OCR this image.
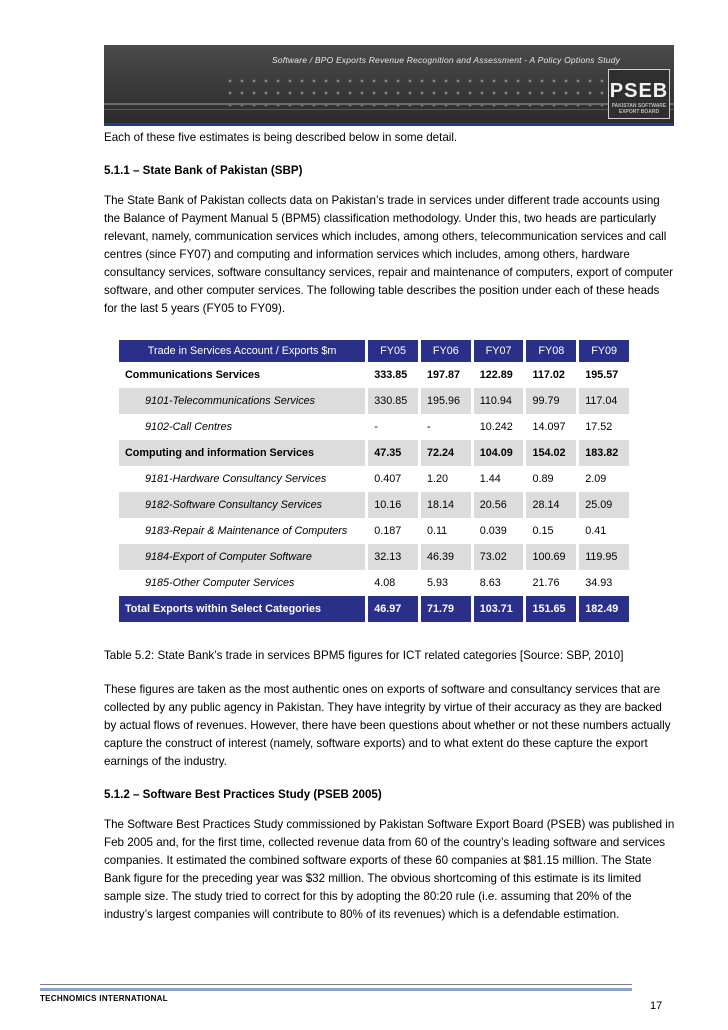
Software / BPO Exports Revenue Recognition and Assessment - A Policy Options Study
PSEB
PAKISTAN SOFTWARE EXPORT BOARD

Each of these five estimates is being described below in some detail.

5.1.1 – State Bank of Pakistan (SBP)

The State Bank of Pakistan collects data on Pakistan’s trade in services under different trade accounts using the Balance of Payment Manual 5 (BPM5) classification methodology. Under this, two heads are particularly relevant, namely, communication services which includes, among others, telecommunication services and call centres (since FY07) and computing and information services which includes, among others, hardware consultancy services, software consultancy services, repair and maintenance of computers, export of computer software, and other computer services. The following table describes the position under each of these heads for the last 5 years (FY05 to FY09).

Trade in Services Account / Exports $m	FY05	FY06	FY07	FY08	FY09
Communications Services	333.85	197.87	122.89	117.02	195.57
9101-Telecommunications Services	330.85	195.96	110.94	99.79	117.04
9102-Call Centres	-	-	10.242	14.097	17.52
Computing and information Services	47.35	72.24	104.09	154.02	183.82
9181-Hardware Consultancy Services	0.407	1.20	1.44	0.89	2.09
9182-Software Consultancy Services	10.16	18.14	20.56	28.14	25.09
9183-Repair & Maintenance of Computers	0.187	0.11	0.039	0.15	0.41
9184-Export of Computer Software	32.13	46.39	73.02	100.69	119.95
9185-Other Computer Services	4.08	5.93	8.63	21.76	34.93
Total Exports within Select Categories	46.97	71.79	103.71	151.65	182.49

Table 5.2: State Bank’s trade in services BPM5 figures for ICT related categories [Source: SBP, 2010]

These figures are taken as the most authentic ones on exports of software and consultancy services that are collected by any public agency in Pakistan. They have integrity by virtue of their accuracy as they are backed by actual flows of revenues. However, there have been questions about whether or not these numbers actually capture the construct of interest (namely, software exports) and to what extent do these capture the export earnings of the industry.

5.1.2 – Software Best Practices Study (PSEB 2005)

The Software Best Practices Study commissioned by Pakistan Software Export Board (PSEB) was published in Feb 2005 and, for the first time, collected revenue data from 60 of the country’s leading software and services companies. It estimated the combined software exports of these 60 companies at $81.15 million. The State Bank figure for the preceding year was $32 million. The obvious shortcoming of this estimate is its limited sample size. The study tried to correct for this by adopting the 80:20 rule (i.e. assuming that 20% of the industry’s largest companies will contribute to 80% of its revenues) which is a defendable estimation.

TECHNOMICS INTERNATIONAL
17
